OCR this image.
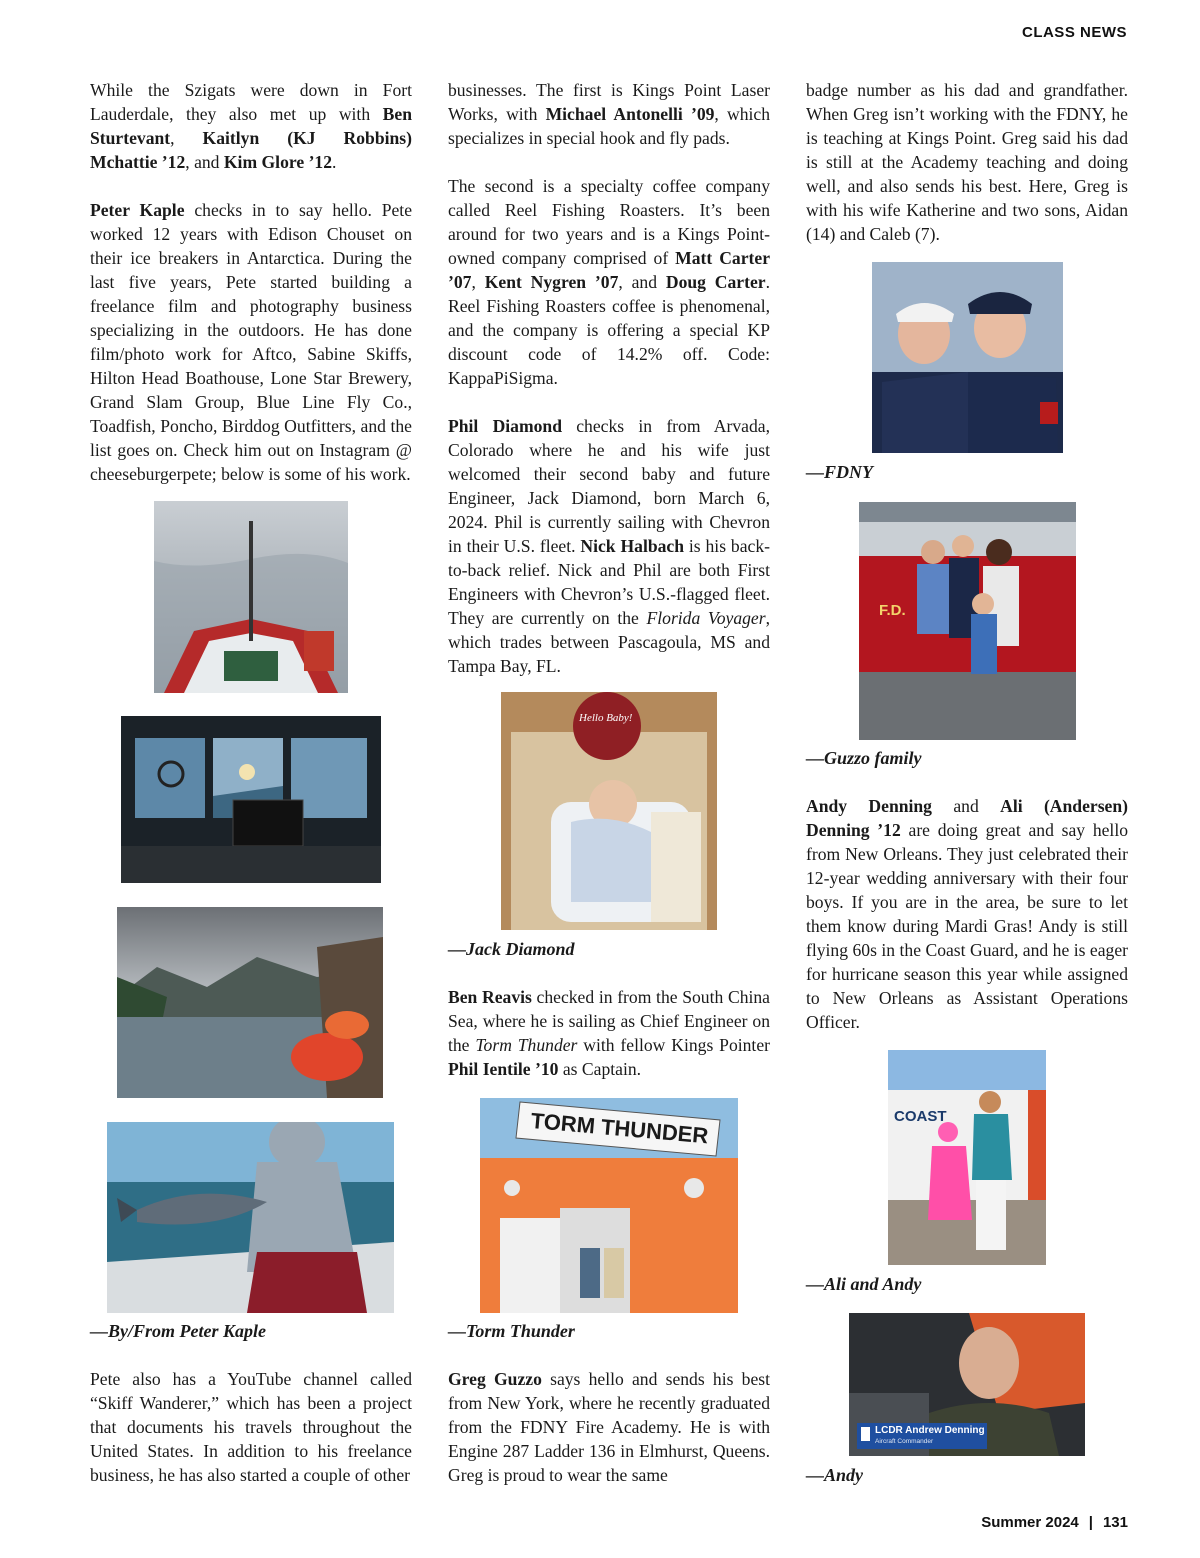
CLASS NEWS

While the Szigats were down in Fort Lauderdale, they also met up with Ben Sturtevant, Kaitlyn (KJ Robbins) Mchattie ’12, and Kim Glore ’12.

Peter Kaple checks in to say hello. Pete worked 12 years with Edison Chouset on their ice breakers in Antarctica. During the last five years, Pete started building a freelance film and photography business specializing in the outdoors. He has done film/photo work for Aftco, Sabine Skiffs, Hilton Head Boathouse, Lone Star Brewery, Grand Slam Group, Blue Line Fly Co., Toadfish, Poncho, Birddog Outfitters, and the list goes on. Check him out on Instagram @ cheeseburgerpete; below is some of his work.

—By/From Peter Kaple

Pete also has a YouTube channel called “Skiff Wanderer,” which has been a project that documents his travels throughout the United States. In addition to his freelance business, he has also started a couple of other

businesses. The first is Kings Point Laser Works, with Michael Antonelli ’09, which specializes in special hook and fly pads.

The second is a specialty coffee company called Reel Fishing Roasters. It’s been around for two years and is a Kings Point-owned company comprised of Matt Carter ’07, Kent Nygren ’07, and Doug Carter. Reel Fishing Roasters coffee is phenomenal, and the company is offering a special KP discount code of 14.2% off. Code: KappaPiSigma.

Phil Diamond checks in from Arvada, Colorado where he and his wife just welcomed their second baby and future Engineer, Jack Diamond, born March 6, 2024. Phil is currently sailing with Chevron in their U.S. fleet. Nick Halbach is his back-to-back relief. Nick and Phil are both First Engineers with Chevron’s U.S.-flagged fleet. They are currently on the Florida Voyager, which trades between Pascagoula, MS and Tampa Bay, FL.

Hello Baby!
—Jack Diamond

Ben Reavis checked in from the South China Sea, where he is sailing as Chief Engineer on the Torm Thunder with fellow Kings Pointer Phil Ientile ’10 as Captain.

TORM THUNDER
—Torm Thunder

Greg Guzzo says hello and sends his best from New York, where he recently graduated from the FDNY Fire Academy. He is with Engine 287 Ladder 136 in Elmhurst, Queens. Greg is proud to wear the same

badge number as his dad and grandfather. When Greg isn’t working with the FDNY, he is teaching at Kings Point. Greg said his dad is still at the Academy teaching and doing well, and also sends his best. Here, Greg is with his wife Katherine and two sons, Aidan (14) and Caleb (7).

—FDNY
F.D.
—Guzzo family

Andy Denning and Ali (Andersen) Denning ’12 are doing great and say hello from New Orleans. They just celebrated their 12-year wedding anniversary with their four boys. If you are in the area, be sure to let them know during Mardi Gras! Andy is still flying 60s in the Coast Guard, and he is eager for hurricane season this year while assigned to New Orleans as Assistant Operations Officer.

COAST
—Ali and Andy
LCDR Andrew Denning
Aircraft Commander
—Andy
Summer 2024 | 131
